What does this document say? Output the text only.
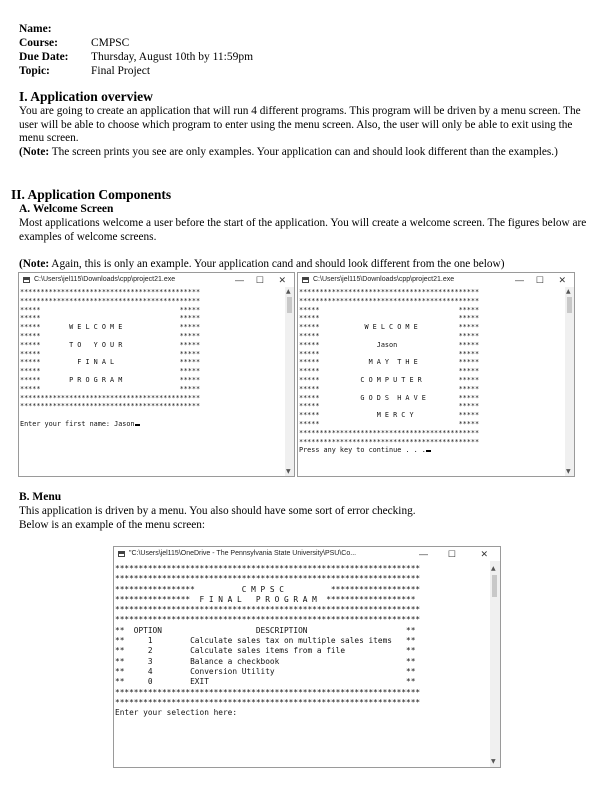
Name:
Course:	CMPSC
Due Date: Thursday, August 10th by 11:59pm
Topic:	Final Project
I. Application overview
You are going to create an application that will run 4 different programs. This program will be driven by a menu screen. The user will be able to choose which program to enter using the menu screen. Also, the user will only be able to exit using the menu screen.
(Note: The screen prints you see are only examples. Your application can and should look different than the examples.)
II. Application Components
A. Welcome Screen
Most applications welcome a user before the start of the application. You will create a welcome screen. The figures below are examples of welcome screens.
(Note: Again, this is only an example. Your application cand and should look different from the one below)
C:\Users\jel115\Downloads\cpp\project21.exe	— ☐ ✕
********************************************
********************************************
*****                                  *****
*****                                  *****
*****       W E L C O M E              *****
*****                                  *****
*****       T O   Y O U R              *****
*****                                  *****
*****         F I N A L                *****
*****                                  *****
*****       P R O G R A M              *****
*****                                  *****
********************************************
********************************************

Enter your first name: Jason
▲
▼
C:\Users\jel115\Downloads\cpp\project21.exe	— ☐ ✕
********************************************
********************************************
*****                                  *****
*****                                  *****
*****           W E L C O M E          *****
*****                                  *****
*****              Jason               *****
*****                                  *****
*****            M A Y  T H E          *****
*****                                  *****
*****          C O M P U T E R         *****
*****                                  *****
*****          G O D S  H A V E        *****
*****                                  *****
*****              M E R C Y           *****
*****                                  *****
********************************************
********************************************
Press any key to continue . . .
▲
▼
B. Menu
This application is driven by a menu. You also should have some sort of error checking.
Below is an example of the menu screen:
"C:\Users\jel115\OneDrive - The Pennsylvania State University\PSU\Co...	— ☐	✕
*****************************************************************
*****************************************************************
*****************          C M P S C          *******************
****************  F I N A L   P R O G R A M  *******************
*****************************************************************
*****************************************************************
**  OPTION                    DESCRIPTION                     **
**     1        Calculate sales tax on multiple sales items   **
**     2        Calculate sales items from a file             **
**     3        Balance a checkbook                           **
**     4        Conversion Utility                            **
**     0        EXIT                                          **
*****************************************************************
*****************************************************************
Enter your selection here:
▲
▼
